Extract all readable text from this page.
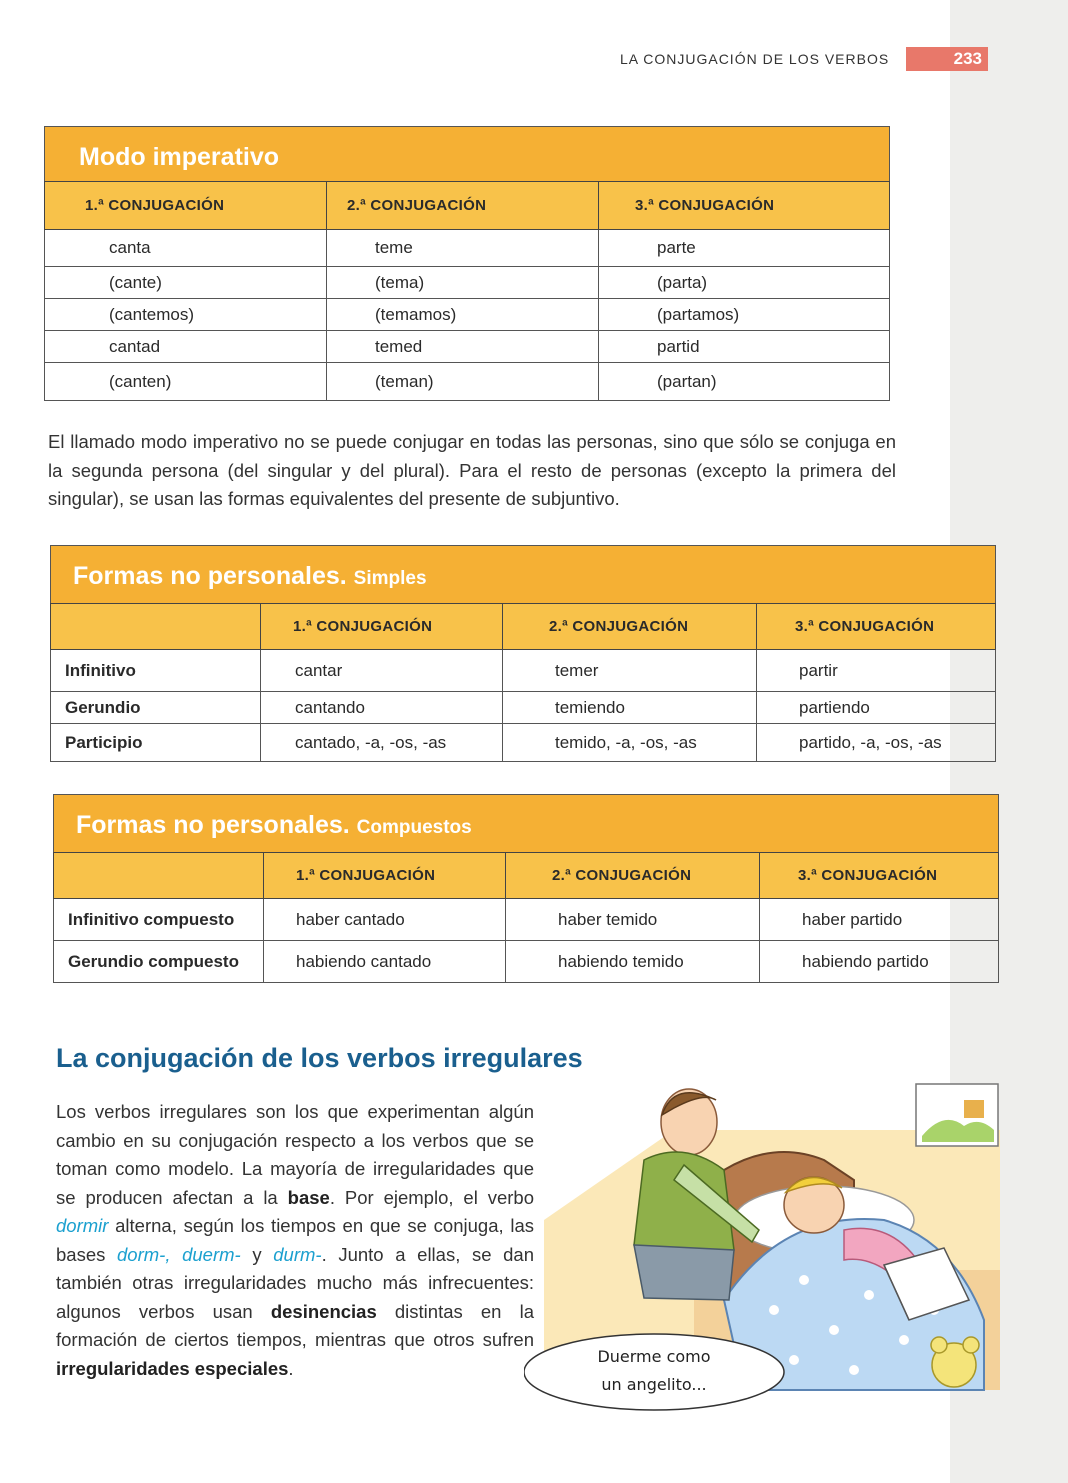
LA CONJUGACIÓN DE LOS VERBOS	233
Modo imperativo
1.ª CONJUGACIÓN	2.ª CONJUGACIÓN	3.ª CONJUGACIÓN
canta	teme	parte
(cante)	(tema)	(parta)
(cantemos)	(temamos)	(partamos)
cantad	temed	partid
(canten)	(teman)	(partan)

El llamado modo imperativo no se puede conjugar en todas las personas, sino que sólo se conjuga en la segunda persona (del singular y del plural). Para el resto de personas (excepto la primera del singular), se usan las formas equivalentes del presente de subjuntivo.

Formas no personales. Simples
	1.ª CONJUGACIÓN	2.ª CONJUGACIÓN	3.ª CONJUGACIÓN
Infinitivo	cantar	temer	partir
Gerundio	cantando	temiendo	partiendo
Participio	cantado, -a, -os, -as	temido, -a, -os, -as	partido, -a, -os, -as
Formas no personales. Compuestos
	1.ª CONJUGACIÓN	2.ª CONJUGACIÓN	3.ª CONJUGACIÓN
Infinitivo compuesto	haber cantado	haber temido	haber partido
Gerundio compuesto	habiendo cantado	habiendo temido	habiendo partido
La conjugación de los verbos irregulares

Los verbos irregulares son los que experimentan algún cambio en su conjugación respecto a los verbos que se toman como modelo. La mayoría de irregularidades que se producen afectan a la base. Por ejemplo, el verbo dormir alterna, según los tiempos en que se conjuga, las bases dorm-, duerm- y durm-. Junto a ellas, se dan también otras irregularidades mucho más infrecuentes: algunos verbos usan desinencias distintas en la formación de ciertos tiempos, mientras que otros sufren irregularidades especiales.

Duerme como
un angelito...
